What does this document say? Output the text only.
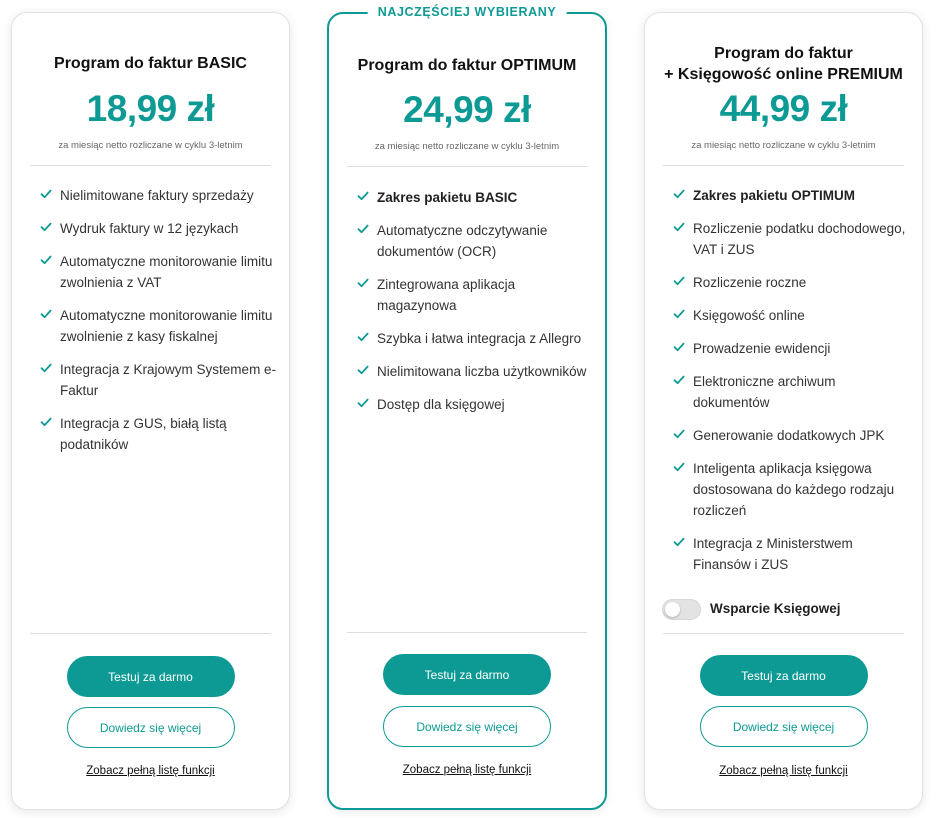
Program do faktur BASIC
18,99 zł
za miesiąc netto rozliczane w cyklu 3-letnim
Nielimitowane faktury sprzedaży
Wydruk faktury w 12 językach
Automatyczne monitorowanie limitu zwolnienia z VAT
Automatyczne monitorowanie limitu zwolnienie z kasy fiskalnej
Integracja z Krajowym Systemem e-Faktur
Integracja z GUS, białą listą podatników
Testuj za darmo
Dowiedz się więcej
Zobacz pełną listę funkcji
NAJCZĘŚCIEJ WYBIERANY
Program do faktur OPTIMUM
24,99 zł
za miesiąc netto rozliczane w cyklu 3-letnim
Zakres pakietu BASIC
Automatyczne odczytywanie dokumentów (OCR)
Zintegrowana aplikacja magazynowa
Szybka i łatwa integracja z Allegro
Nielimitowana liczba użytkowników
Dostęp dla księgowej
Testuj za darmo
Dowiedz się więcej
Zobacz pełną listę funkcji
Program do faktur
+ Księgowość online PREMIUM
44,99 zł
za miesiąc netto rozliczane w cyklu 3-letnim
Zakres pakietu OPTIMUM
Rozliczenie podatku dochodowego, VAT i ZUS
Rozliczenie roczne
Księgowość online
Prowadzenie ewidencji
Elektroniczne archiwum dokumentów
Generowanie dodatkowych JPK
Inteligenta aplikacja księgowa dostosowana do każdego rodzaju rozliczeń
Integracja z Ministerstwem Finansów i ZUS
Wsparcie Księgowej
Testuj za darmo
Dowiedz się więcej
Zobacz pełną listę funkcji
